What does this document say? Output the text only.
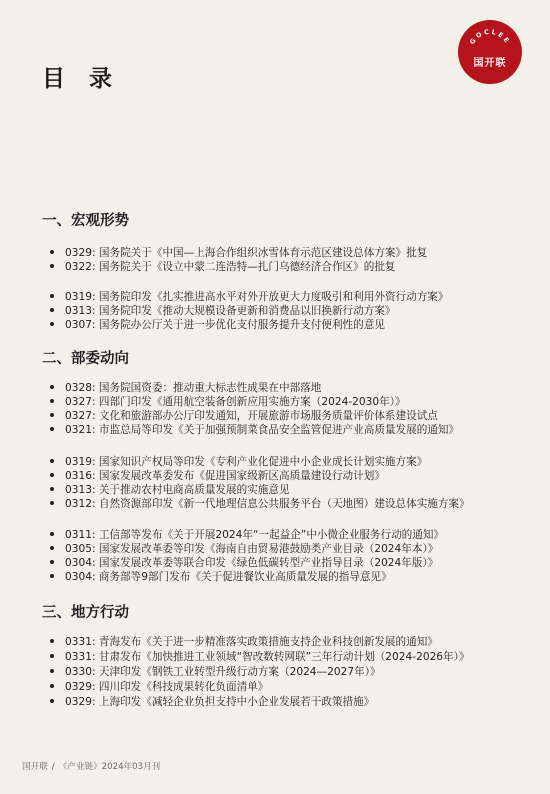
目 录
GOCLEE
国开联
一、宏观形势
0329: 国务院关于《中国—上海合作组织冰雪体育示范区建设总体方案》批复
0322: 国务院关于《设立中蒙二连浩特—扎门乌德经济合作区》的批复
0319: 国务院印发《扎实推进高水平对外开放更大力度吸引和利用外资行动方案》
0313: 国务院印发《推动大规模设备更新和消费品以旧换新行动方案》
0307: 国务院办公厅关于进一步优化支付服务提升支付便利性的意见
二、部委动向
0328: 国务院国资委：推动重大标志性成果在中部落地
0327: 四部门印发《通用航空装备创新应用实施方案（2024-2030年）》
0327: 文化和旅游部办公厅印发通知，开展旅游市场服务质量评价体系建设试点
0321: 市监总局等印发《关于加强预制菜食品安全监管促进产业高质量发展的通知》
0319: 国家知识产权局等印发《专利产业化促进中小企业成长计划实施方案》
0316: 国家发展改革委发布《促进国家级新区高质量建设行动计划》
0313: 关于推动农村电商高质量发展的实施意见
0312: 自然资源部印发《新一代地理信息公共服务平台（天地图）建设总体实施方案》
0311: 工信部等发布《关于开展2024年“一起益企”中小微企业服务行动的通知》
0305: 国家发展改革委等印发《海南自由贸易港鼓励类产业目录（2024年本）》
0304: 国家发展改革委等联合印发《绿色低碳转型产业指导目录（2024年版）》
0304: 商务部等9部门发布《关于促进餐饮业高质量发展的指导意见》
三、地方行动
0331: 青海发布《关于进一步精准落实政策措施支持企业科技创新发展的通知》
0331: 甘肃发布《加快推进工业领域“智改数转网联”三年行动计划（2024-2026年）》
0330: 天津印发《钢铁工业转型升级行动方案（2024—2027年）》
0329: 四川印发《科技成果转化负面清单》
0329: 上海印发《减轻企业负担支持中小企业发展若干政策措施》
国开联 / 《产业链》2024年03月刊
